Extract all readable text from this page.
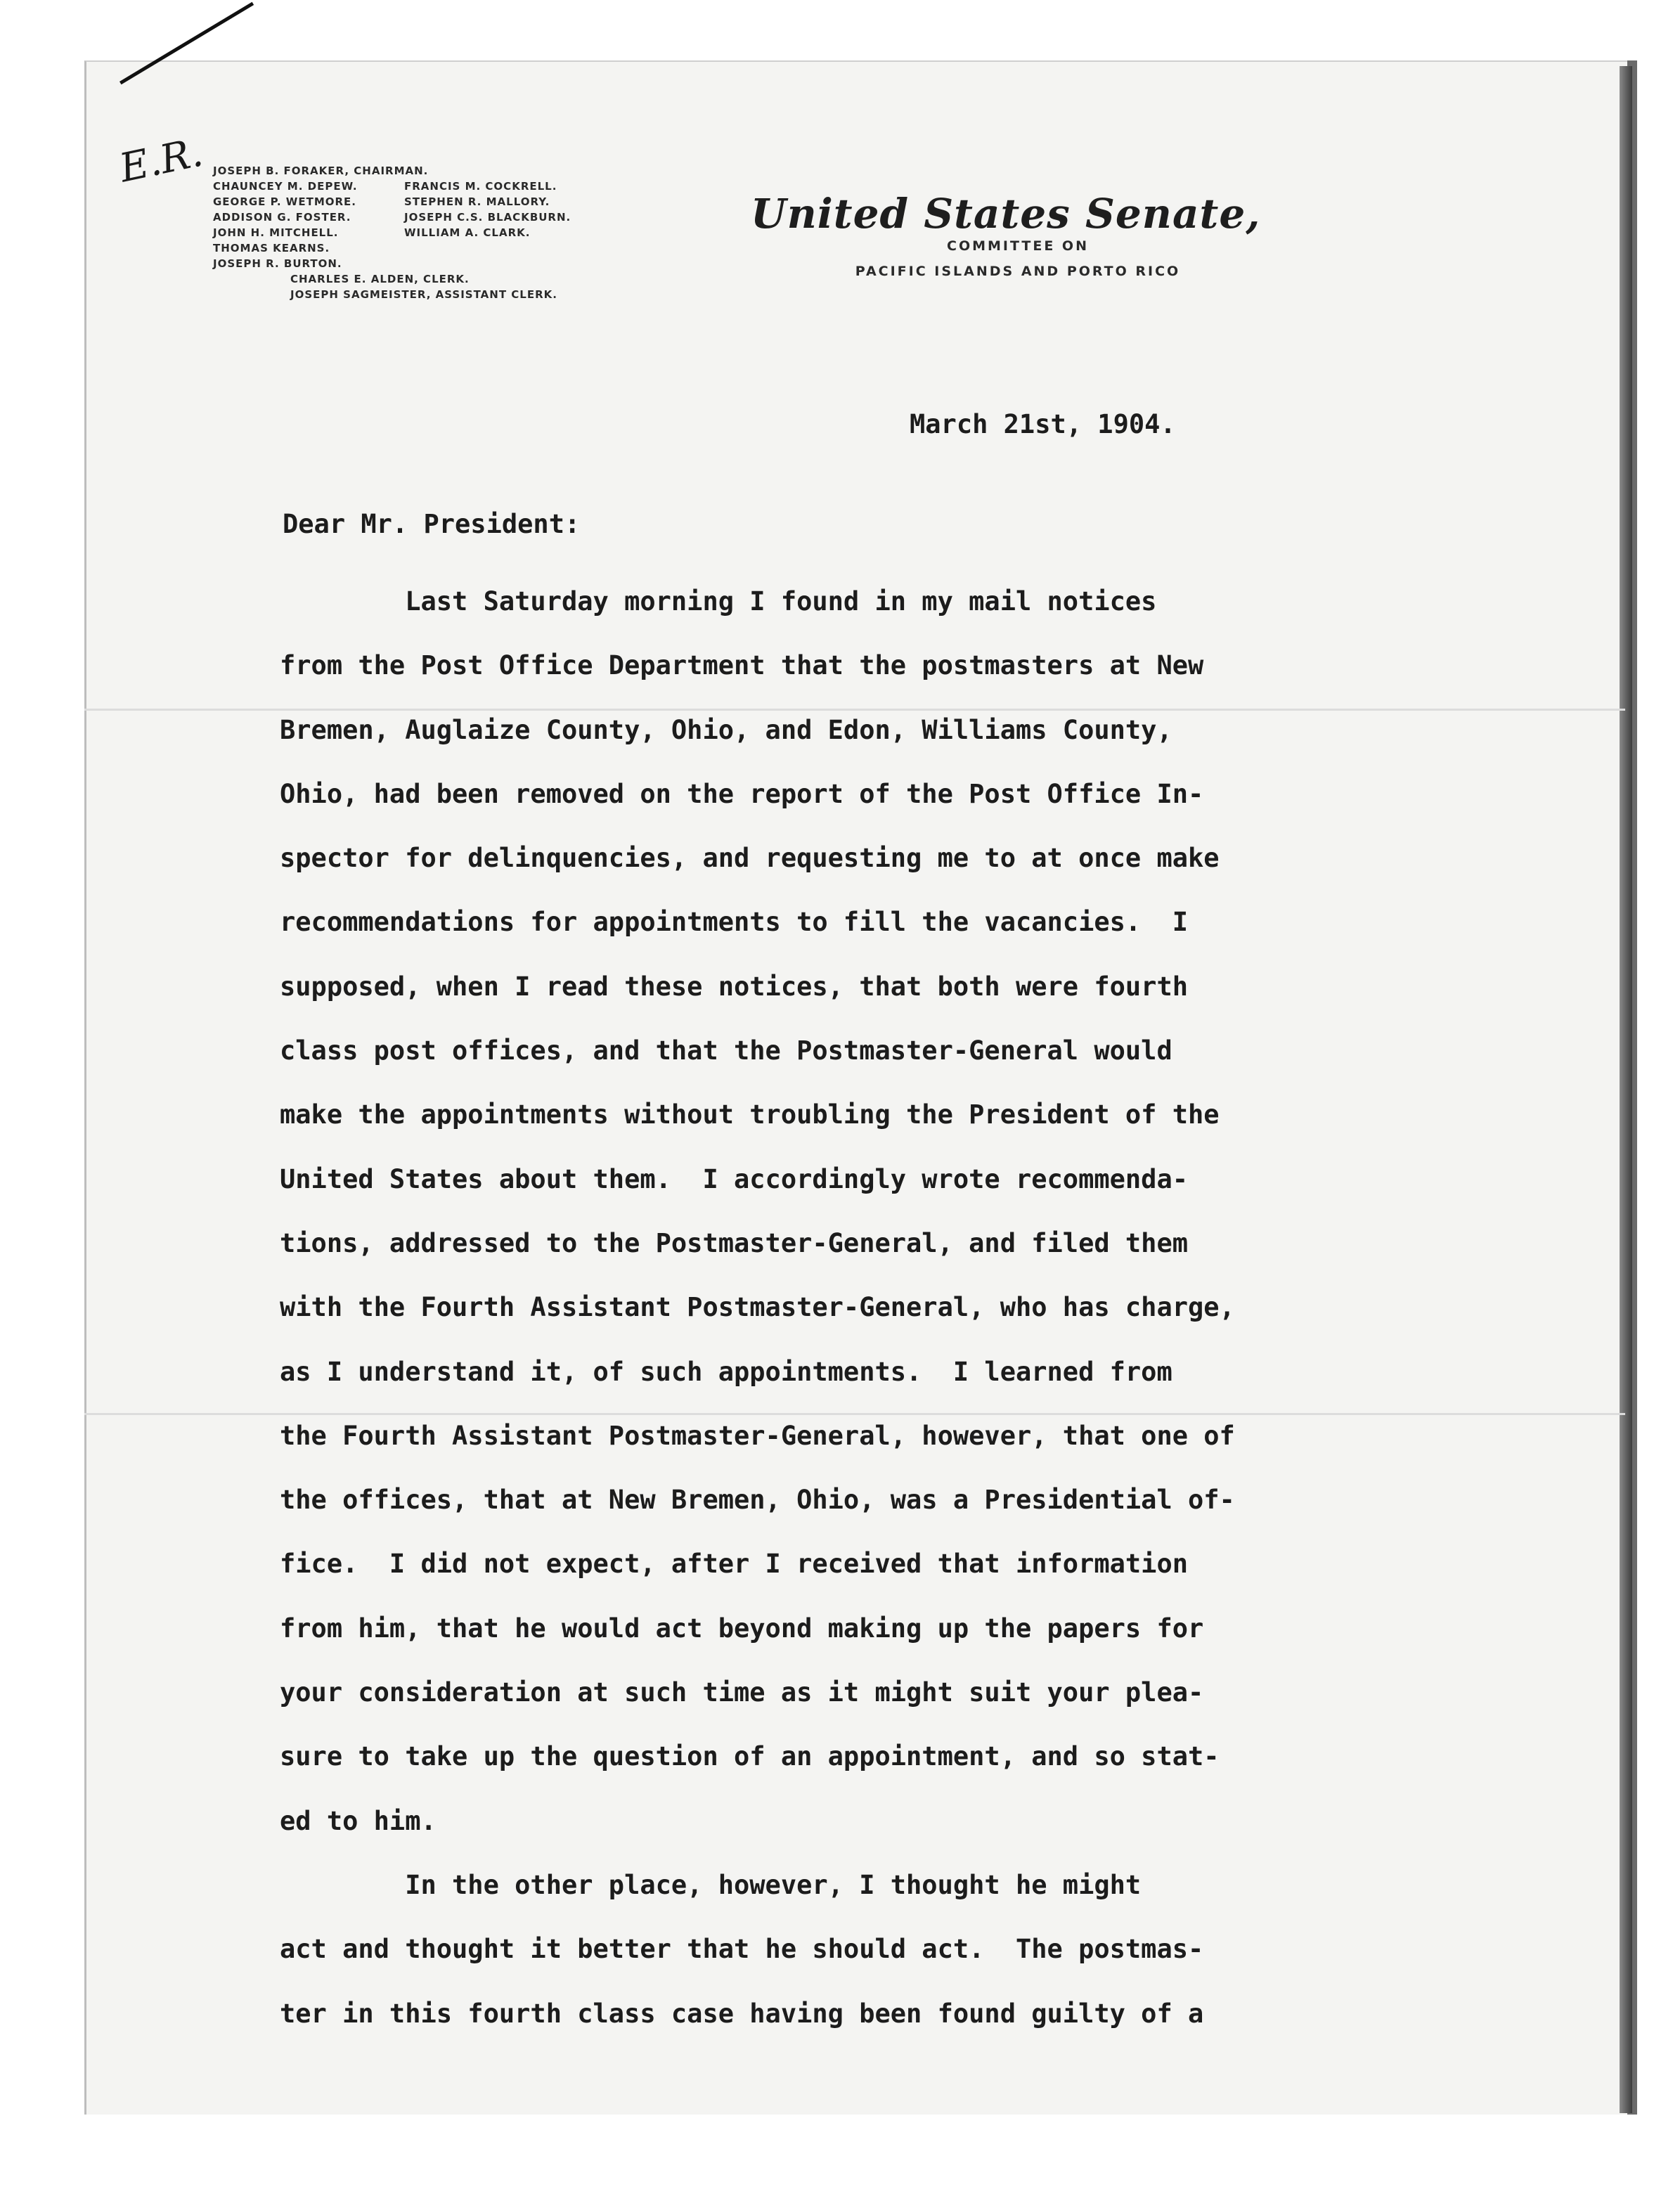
E.R. JOSEPH B. FORAKER, CHAIRMAN.
CHAUNCEY M. DEPEW.	FRANCIS M. COCKRELL.
GEORGE P. WETMORE.	STEPHEN R. MALLORY.
ADDISON G. FOSTER.	JOSEPH C.S. BLACKBURN.
JOHN H. MITCHELL.	WILLIAM A. CLARK.
THOMAS KEARNS.
JOSEPH R. BURTON.
CHARLES E. ALDEN, CLERK.
JOSEPH SAGMEISTER, ASSISTANT CLERK.
United States Senate,
COMMITTEE ON
PACIFIC ISLANDS AND PORTO RICO
March 21st, 1904.
Dear Mr. President:
Last Saturday morning I found in my mail notices
from the Post Office Department that the postmasters at New
Bremen, Auglaize County, Ohio, and Edon, Williams County,
Ohio, had been removed on the report of the Post Office In-
spector for delinquencies, and requesting me to at once make
recommendations for appointments to fill the vacancies.  I
supposed, when I read these notices, that both were fourth
class post offices, and that the Postmaster-General would
make the appointments without troubling the President of the
United States about them.  I accordingly wrote recommenda-
tions, addressed to the Postmaster-General, and filed them
with the Fourth Assistant Postmaster-General, who has charge,
as I understand it, of such appointments.  I learned from
the Fourth Assistant Postmaster-General, however, that one of
the offices, that at New Bremen, Ohio, was a Presidential of-
fice.  I did not expect, after I received that information
from him, that he would act beyond making up the papers for
your consideration at such time as it might suit your plea-
sure to take up the question of an appointment, and so stat-
ed to him.
In the other place, however, I thought he might
act and thought it better that he should act.  The postmas-
ter in this fourth class case having been found guilty of a
